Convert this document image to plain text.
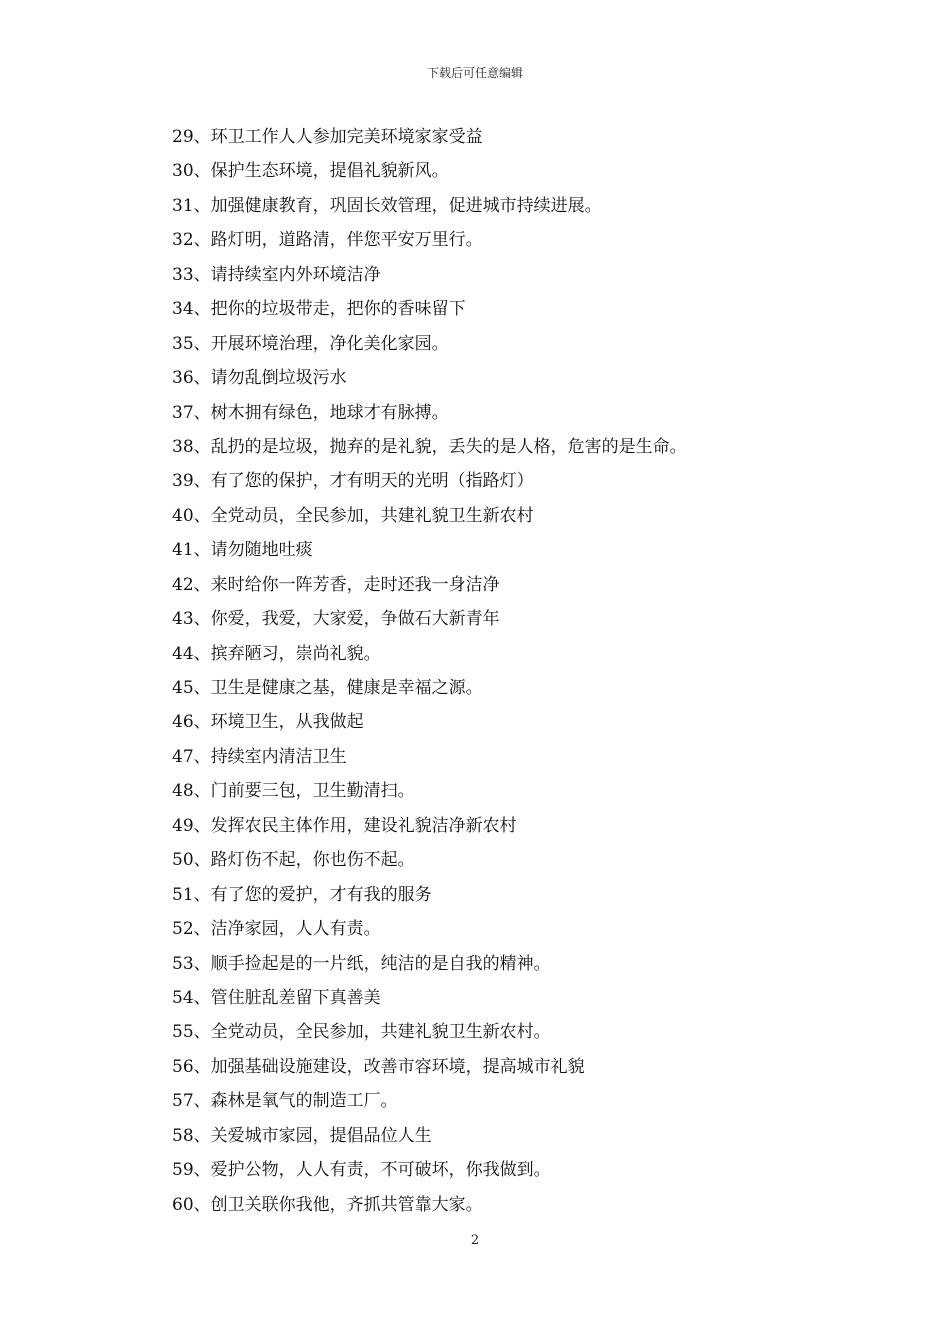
下载后可任意编辑
29、环卫工作人人参加完美环境家家受益
30、保护生态环境，提倡礼貌新风。
31、加强健康教育，巩固长效管理，促进城市持续进展。
32、路灯明，道路清，伴您平安万里行。
33、请持续室内外环境洁净
34、把你的垃圾带走，把你的香味留下
35、开展环境治理，净化美化家园。
36、请勿乱倒垃圾污水
37、树木拥有绿色，地球才有脉搏。
38、乱扔的是垃圾，抛弃的是礼貌，丢失的是人格，危害的是生命。
39、有了您的保护，才有明天的光明（指路灯）
40、全党动员，全民参加，共建礼貌卫生新农村
41、请勿随地吐痰
42、来时给你一阵芳香，走时还我一身洁净
43、你爱，我爱，大家爱，争做石大新青年
44、摈弃陋习，崇尚礼貌。
45、卫生是健康之基，健康是幸福之源。
46、环境卫生，从我做起
47、持续室内清洁卫生
48、门前要三包，卫生勤清扫。
49、发挥农民主体作用，建设礼貌洁净新农村
50、路灯伤不起，你也伤不起。
51、有了您的爱护，才有我的服务
52、洁净家园，人人有责。
53、顺手捡起是的一片纸，纯洁的是自我的精神。
54、管住脏乱差留下真善美
55、全党动员，全民参加，共建礼貌卫生新农村。
56、加强基础设施建设，改善市容环境，提高城市礼貌
57、森林是氧气的制造工厂。
58、关爱城市家园，提倡品位人生
59、爱护公物，人人有责，不可破坏，你我做到。
60、创卫关联你我他，齐抓共管靠大家。
2
